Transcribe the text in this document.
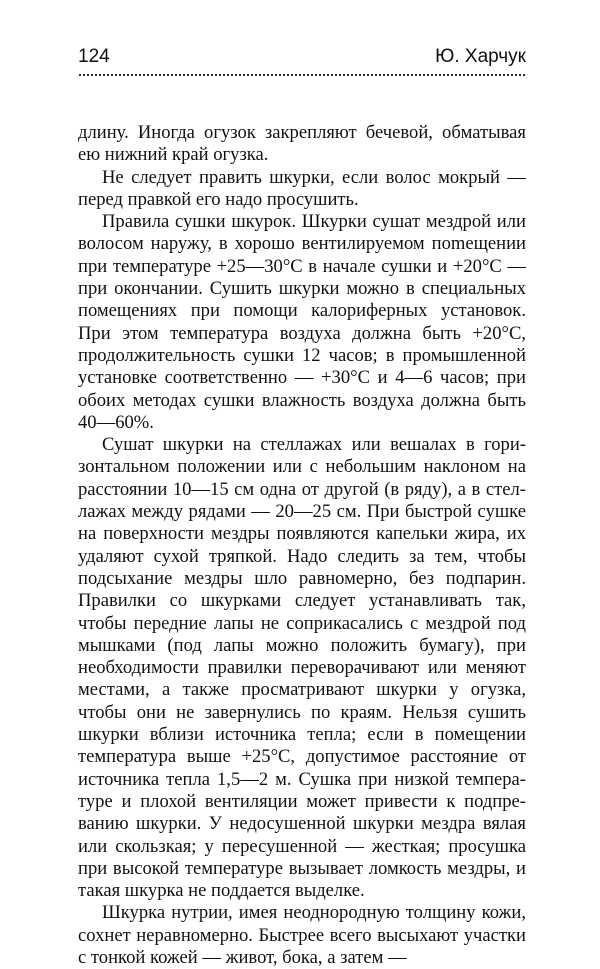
124	Ю. Харчук

длину. Иногда огузок закрепляют бечевой, обматывая ею нижний край огузка.

Не следует править шкурки, если волос мокрый — перед правкой его надо просушить.

Правила сушки шкурок. Шкурки сушат мездрой или волосом наружу, в хорошо вентилируемом поmещении при температуре +25—30°С в начале сушки и +20°С — при окончании. Сушить шкурки можно в специальных помещениях при помощи калориферных установок. При этом температура воздуха должна быть +20°С, продолжительность сушки 12 часов; в промышленной установке соответственно — +30°С и 4—6 часов; при обоих методах сушки влажность воздуха должна быть 40—60%.

Сушат шкурки на стеллажах или вешалах в горизонтальном положении или с небольшим наклоном на расстоянии 10—15 см одна от другой (в ряду), а в стеллажах между рядами — 20—25 см. При быстрой сушке на поверхности мездры появляются капельки жира, их удаляют сухой тряпкой. Надо следить за тем, чтобы подсыхание мездры шло равномерно, без подпарин. Правилки со шкурками следует устанавливать так, чтобы передние лапы не соприкасались с мездрой под мышками (под лапы можно положить бумагу), при необходимости правилки переворачивают или меняют местами, а также просматривают шкурки у огузка, чтобы они не завернулись по краям. Нельзя сушить шкурки вблизи источника тепла; если в помещении температура выше +25°С, допустимое расстояние от источника тепла 1,5—2 м. Сушка при низкой температуре и плохой вентиляции может привести к подпреванию шкурки. У недосушенной шкурки мездра вялая или скользкая; у пересушенной — жесткая; просушка при высокой температуре вызывает ломкость мездры, и такая шкурка не поддается выделке.

Шкурка нутрии, имея неоднородную толщину кожи, сохнет неравномерно. Быстрее всего высыхают участки с тонкой кожей — живот, бока, а затем —
